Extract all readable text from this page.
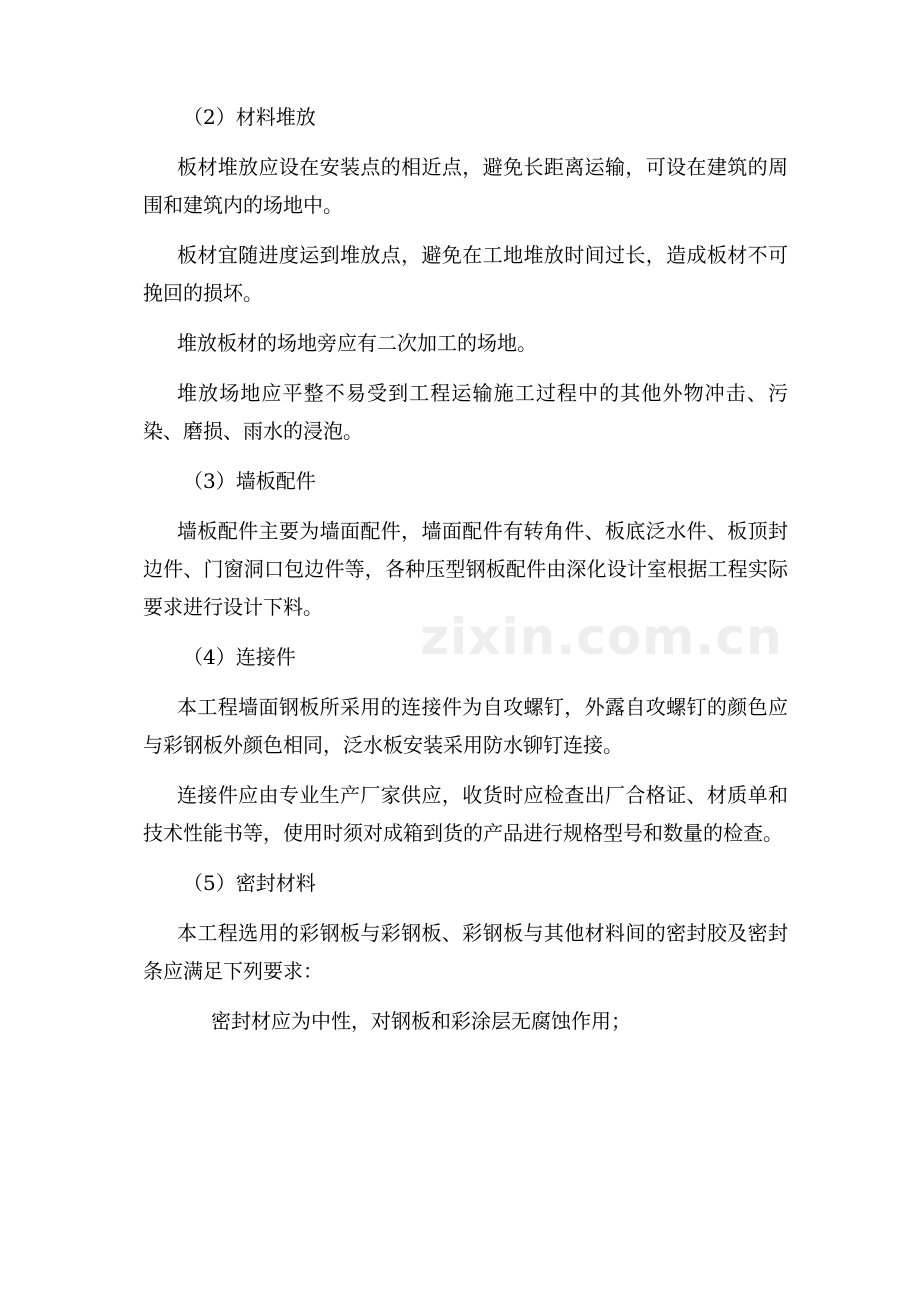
（2）材料堆放

板材堆放应设在安装点的相近点，避免长距离运输，可设在建筑的周围和建筑内的场地中。

板材宜随进度运到堆放点，避免在工地堆放时间过长，造成板材不可挽回的损坏。

堆放板材的场地旁应有二次加工的场地。

堆放场地应平整不易受到工程运输施工过程中的其他外物冲击、污染、磨损、雨水的浸泡。

（3）墙板配件

墙板配件主要为墙面配件，墙面配件有转角件、板底泛水件、板顶封边件、门窗洞口包边件等，各种压型钢板配件由深化设计室根据工程实际要求进行设计下料。

（4）连接件

本工程墙面钢板所采用的连接件为自攻螺钉，外露自攻螺钉的颜色应与彩钢板外颜色相同，泛水板安装采用防水铆钉连接。

连接件应由专业生产厂家供应，收货时应检查出厂合格证、材质单和技术性能书等，使用时须对成箱到货的产品进行规格型号和数量的检查。

（5）密封材料

本工程选用的彩钢板与彩钢板、彩钢板与其他材料间的密封胶及密封条应满足下列要求：

密封材应为中性，对钢板和彩涂层无腐蚀作用；
zixin.com.cn
